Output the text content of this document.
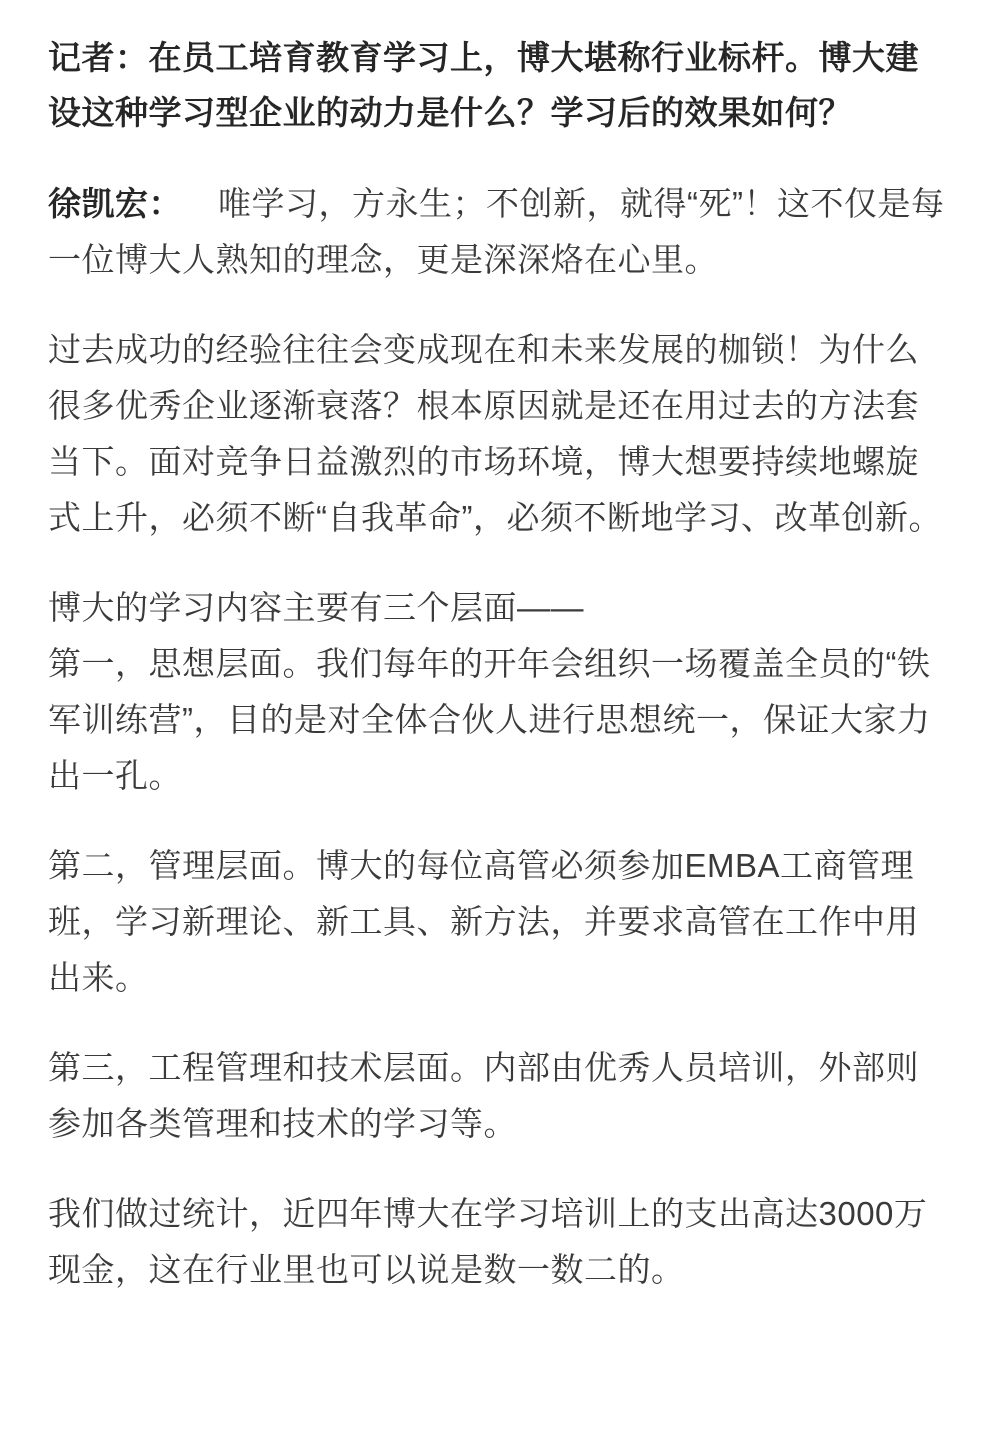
记者：在员工培育教育学习上，博大堪称行业标杆。博大建设这种学习型企业的动力是什么？学习后的效果如何？

徐凯宏： 唯学习，方永生；不创新，就得“死”！这不仅是每一位博大人熟知的理念，更是深深烙在心里。

过去成功的经验往往会变成现在和未来发展的枷锁！为什么很多优秀企业逐渐衰落？根本原因就是还在用过去的方法套当下。面对竞争日益激烈的市场环境，博大想要持续地螺旋式上升，必须不断“自我革命”，必须不断地学习、改革创新。

博大的学习内容主要有三个层面——

第一，思想层面。我们每年的开年会组织一场覆盖全员的“铁军训练营”，目的是对全体合伙人进行思想统一，保证大家力出一孔。

第二，管理层面。博大的每位高管必须参加EMBA工商管理班，学习新理论、新工具、新方法，并要求高管在工作中用出来。

第三，工程管理和技术层面。内部由优秀人员培训，外部则参加各类管理和技术的学习等。

我们做过统计，近四年博大在学习培训上的支出高达3000万现金，这在行业里也可以说是数一数二的。
